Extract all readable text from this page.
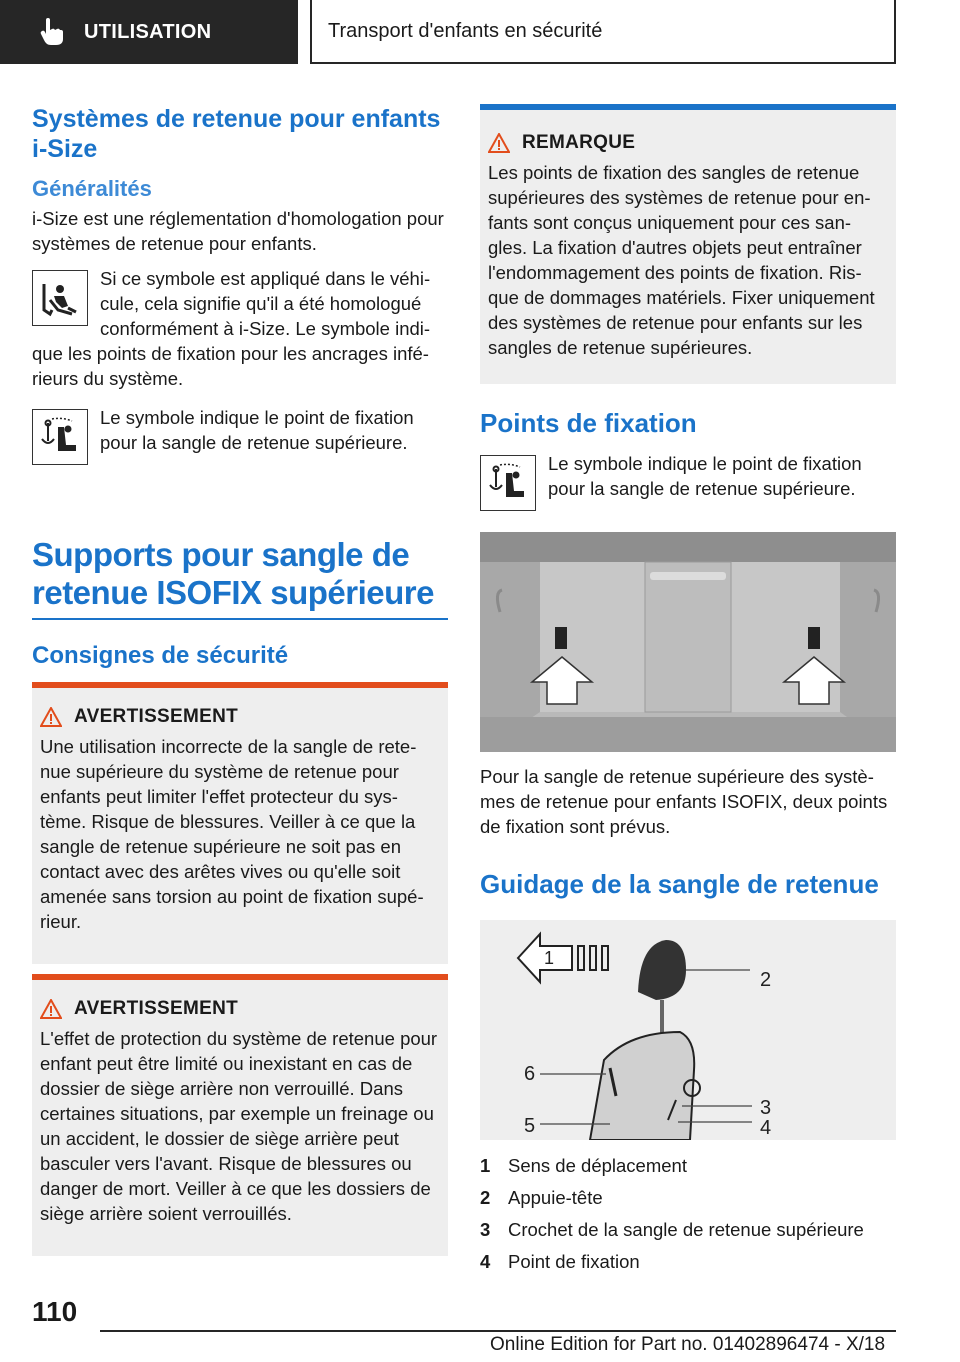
UTILISATION	Transport d'enfants en sécurité
Systèmes de retenue pour enfants i-Size
Généralités

i-Size est une réglementation d'homologation pour systèmes de retenue pour enfants.

Si ce symbole est appliqué dans le véhi-cule, cela signifie qu'il a été homologué conformément à i-Size. Le symbole indi-que les points de fixation pour les ancrages infé-rieurs du système.

Le symbole indique le point de fixation pour la sangle de retenue supérieure.

Supports pour sangle de retenue ISOFIX supérieure
Consignes de sécurité
AVERTISSEMENT

Une utilisation incorrecte de la sangle de rete-nue supérieure du système de retenue pour enfants peut limiter l'effet protecteur du sys-tème. Risque de blessures. Veiller à ce que la sangle de retenue supérieure ne soit pas en contact avec des arêtes vives ou qu'elle soit amenée sans torsion au point de fixation supé-rieur.

AVERTISSEMENT

L'effet de protection du système de retenue pour enfant peut être limité ou inexistant en cas de dossier de siège arrière non verrouillé. Dans certaines situations, par exemple un freinage ou un accident, le dossier de siège arrière peut basculer vers l'avant. Risque de blessures ou danger de mort. Veiller à ce que les dossiers de siège arrière soient verrouillés.

REMARQUE

Les points de fixation des sangles de retenue supérieures des systèmes de retenue pour en-fants sont conçus uniquement pour ces san-gles. La fixation d'autres objets peut entraîner l'endommagement des points de fixation. Ris-que de dommages matériels. Fixer uniquement des systèmes de retenue pour enfants sur les sangles de retenue supérieures.

Points de fixation

Le symbole indique le point de fixation pour la sangle de retenue supérieure.

Pour la sangle de retenue supérieure des systè-mes de retenue pour enfants ISOFIX, deux points de fixation sont prévus.

Guidage de la sangle de retenue
1
2
3
4
5
6
1 Sens de déplacement
2 Appuie-tête
3 Crochet de la sangle de retenue supérieure
4 Point de fixation
110
Online Edition for Part no. 01402896474 - X/18
